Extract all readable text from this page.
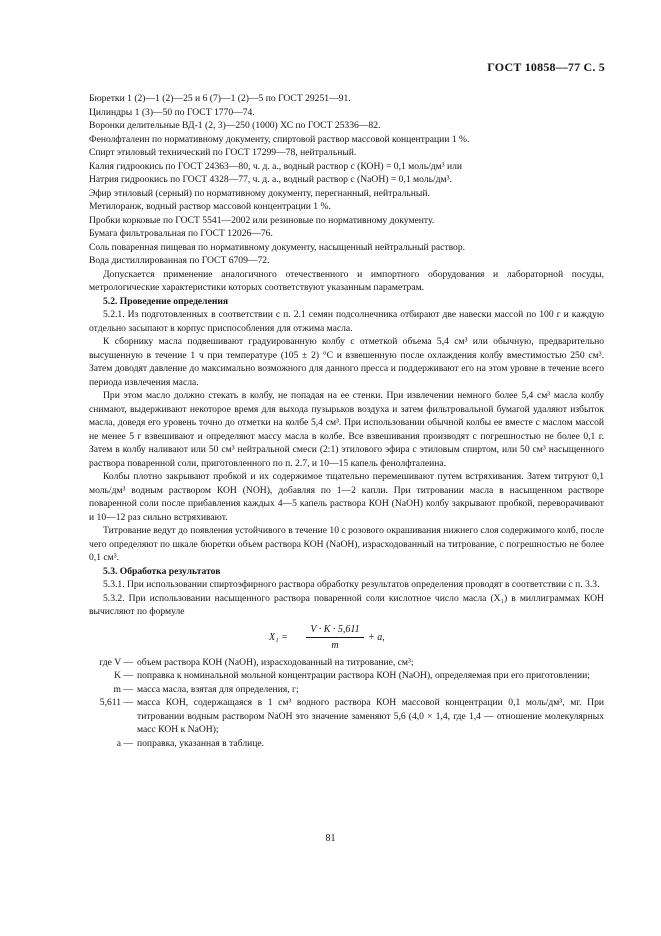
ГОСТ 10858—77 С. 5

Бюретки 1 (2)—1 (2)—25 и 6 (7)—1 (2)—5 по ГОСТ 29251—91.

Цилиндры 1 (3)—50 по ГОСТ 1770—74.

Воронки делительные ВД-1 (2, 3)—250 (1000) ХС по ГОСТ 25336—82.

Фенолфталеин по нормативному документу, спиртовой раствор массовой концентрации 1 %.

Спирт этиловый технический по ГОСТ 17299—78, нейтральный.

Калия гидроокись по ГОСТ 24363—80, ч. д. а., водный раствор c (КОН) = 0,1 моль/дм³ или

Натрия гидроокись по ГОСТ 4328—77, ч. д. а., водный раствор c (NaOH) = 0,1 моль/дм³.

Эфир этиловый (серный) по нормативному документу, перегнанный, нейтральный.

Метилоранж, водный раствор массовой концентрации 1 %.

Пробки корковые по ГОСТ 5541—2002 или резиновые по нормативному документу.

Бумага фильтровальная по ГОСТ 12026—76.

Соль поваренная пищевая по нормативному документу, насыщенный нейтральный раствор.

Вода дистиллированная по ГОСТ 6709—72.

Допускается применение аналогичного отечественного и импортного оборудования и лабораторной посуды, метрологические характеристики которых соответствуют указанным параметрам.

5.2. Проведение определения

5.2.1. Из подготовленных в соответствии с п. 2.1 семян подсолнечника отбирают две навески массой по 100 г и каждую отдельно засыпают в корпус приспособления для отжима масла.

К сборнику масла подвешивают градуированную колбу с отметкой объема 5,4 см³ или обычную, предварительно высушенную в течение 1 ч при температуре (105 ± 2) °С и взвешенную после охлаждения колбу вместимостью 250 см³. Затем доводят давление до максимально возможного для данного пресса и поддерживают его на этом уровне в течение всего периода извлечения масла.

При этом масло должно стекать в колбу, не попадая на ее стенки. При извлечении немного более 5,4 см³ масла колбу снимают, выдерживают некоторое время для выхода пузырьков воздуха и затем фильтровальной бумагой удаляют избыток масла, доведя его уровень точно до отметки на колбе 5,4 см³. При использовании обычной колбы ее вместе с маслом массой не менее 5 г взвешивают и определяют массу масла в колбе. Все взвешивания производят с погрешностью не более 0,1 г. Затем в колбу наливают или 50 см³ нейтральной смеси (2:1) этилового эфира с этиловым спиртом, или 50 см³ насыщенного раствора поваренной соли, приготовленного по п. 2.7, и 10—15 капель фенолфталеина.

Колбы плотно закрывают пробкой и их содержимое тщательно перемешивают путем встряхивания. Затем титруют 0,1 моль/дм³ водным раствором КОН (NOH), добавляя по 1—2 капли. При титровании масла в насыщенном растворе поваренной соли после прибавления каждых 4—5 капель раствора КОН (NaOH) колбу закрывают пробкой, переворачивают и 10—12 раз сильно встряхивают.

Титрование ведут до появления устойчивого в течение 10 с розового окрашивания нижнего слоя содержимого колб, после чего определяют по шкале бюретки объем раствора КОН (NaOH), израсходованный на титрование, с погрешностью не более 0,1 см³.

5.3. Обработка результатов

5.3.1. При использовании спиртоэфирного раствора обработку результатов определения проводят в соответствии с п. 3.3.

5.3.2. При использовании насыщенного раствора поваренной соли кислотное число масла (X₁) в миллиграммах КОН вычисляют по формуле

$X_1 = \frac{V \cdot K \cdot 5,611}{m} + a$,
где V — объем раствора КОН (NaOH), израсходованный на титрование, см³;
K — поправка к номинальной мольной концентрации раствора КОН (NaOH), определяемая при его приготовлении;
m — масса масла, взятая для определения, г;
5,611 — масса КОН, содержащаяся в 1 см³ водного раствора КОН массовой концентрации 0,1 моль/дм³, мг. При титровании водным раствором NaOH это значение заменяют 5,6 (4,0 × 1,4, где 1,4 — отношение молекулярных масс КОН к NaOH);
a — поправка, указанная в таблице.
81
